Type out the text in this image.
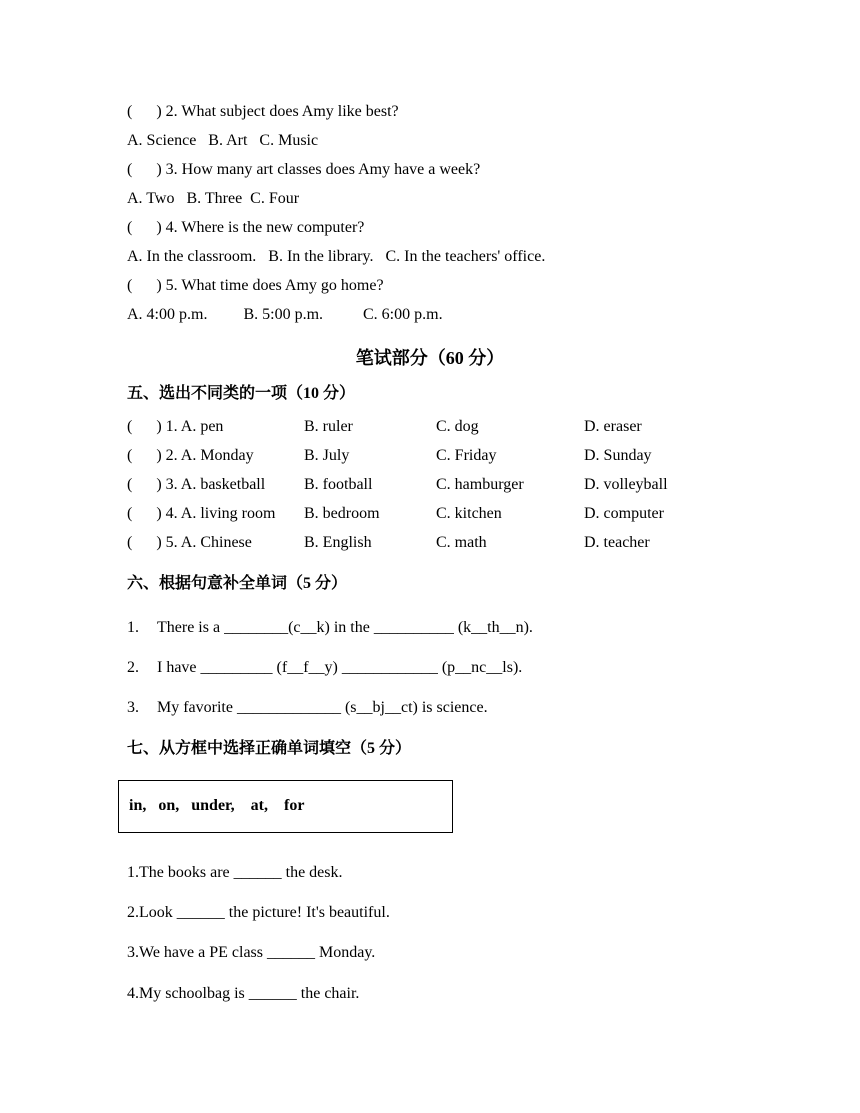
(      ) 2. What subject does Amy like best?
A. Science   B. Art   C. Music
(      ) 3. How many art classes does Amy have a week?
A. Two   B. Three  C. Four
(      ) 4. Where is the new computer?
A. In the classroom.   B. In the library.   C. In the teachers' office.
(      ) 5. What time does Amy go home?
A. 4:00 p.m.         B. 5:00 p.m.          C. 6:00 p.m.
笔试部分（60 分）
五、选出不同类的一项（10 分）
(      ) 1. A. pen	B. ruler	C. dog	D. eraser
(      ) 2. A. Monday	B. July	C. Friday	D. Sunday
(      ) 3. A. basketball B. football	C. hamburger	D. volleyball
(      ) 4. A. living room B. bedroom	C. kitchen	D. computer
(      ) 5. A. Chinese	B. English	C. math	D. teacher
六、根据句意补全单词（5 分）
1. There is a ________(c__k) in the __________ (k__th__n).
2. I have _________ (f__f__y) ____________ (p__nc__ls).
3. My favorite _____________ (s__bj__ct) is science.
七、从方框中选择正确单词填空（5 分）
in,   on,   under,    at,    for
1.The books are ______ the desk.
2.Look ______ the picture! It's beautiful.
3.We have a PE class ______ Monday.
4.My schoolbag is ______ the chair.
